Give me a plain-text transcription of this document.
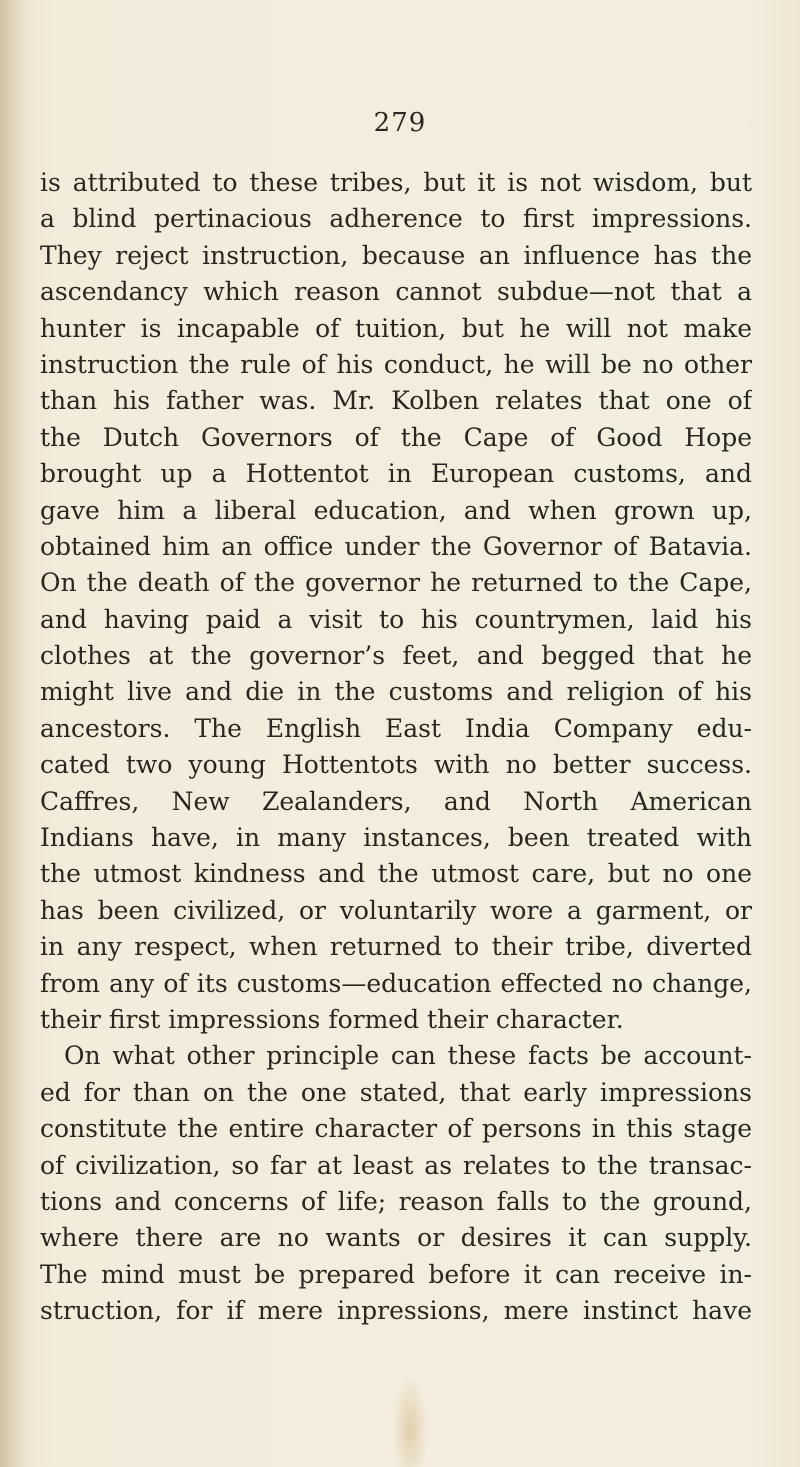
279
is attributed to these tribes, but it is not wisdom, but
a blind pertinacious adherence to first impressions.
They reject instruction, because an influence has the
ascendancy which reason cannot subdue—not that a
hunter is incapable of tuition, but he will not make
instruction the rule of his conduct, he will be no other
than his father was. Mr. Kolben relates that one of
the Dutch Governors of the Cape of Good Hope
brought up a Hottentot in European customs, and
gave him a liberal education, and when grown up,
obtained him an office under the Governor of Batavia.
On the death of the governor he returned to the Cape,
and having paid a visit to his countrymen, laid his
clothes at the governor’s feet, and begged that he
might live and die in the customs and religion of his
ancestors. The English East India Company edu-
cated two young Hottentots with no better success.
Caffres, New Zealanders, and North American
Indians have, in many instances, been treated with
the utmost kindness and the utmost care, but no one
has been civilized, or voluntarily wore a garment, or
in any respect, when returned to their tribe, diverted
from any of its customs—education effected no change,
their first impressions formed their character.
On what other principle can these facts be account-
ed for than on the one stated, that early impressions
constitute the entire character of persons in this stage
of civilization, so far at least as relates to the transac-
tions and concerns of life; reason falls to the ground,
where there are no wants or desires it can supply.
The mind must be prepared before it can receive in-
struction, for if mere inpressions, mere instinct have
